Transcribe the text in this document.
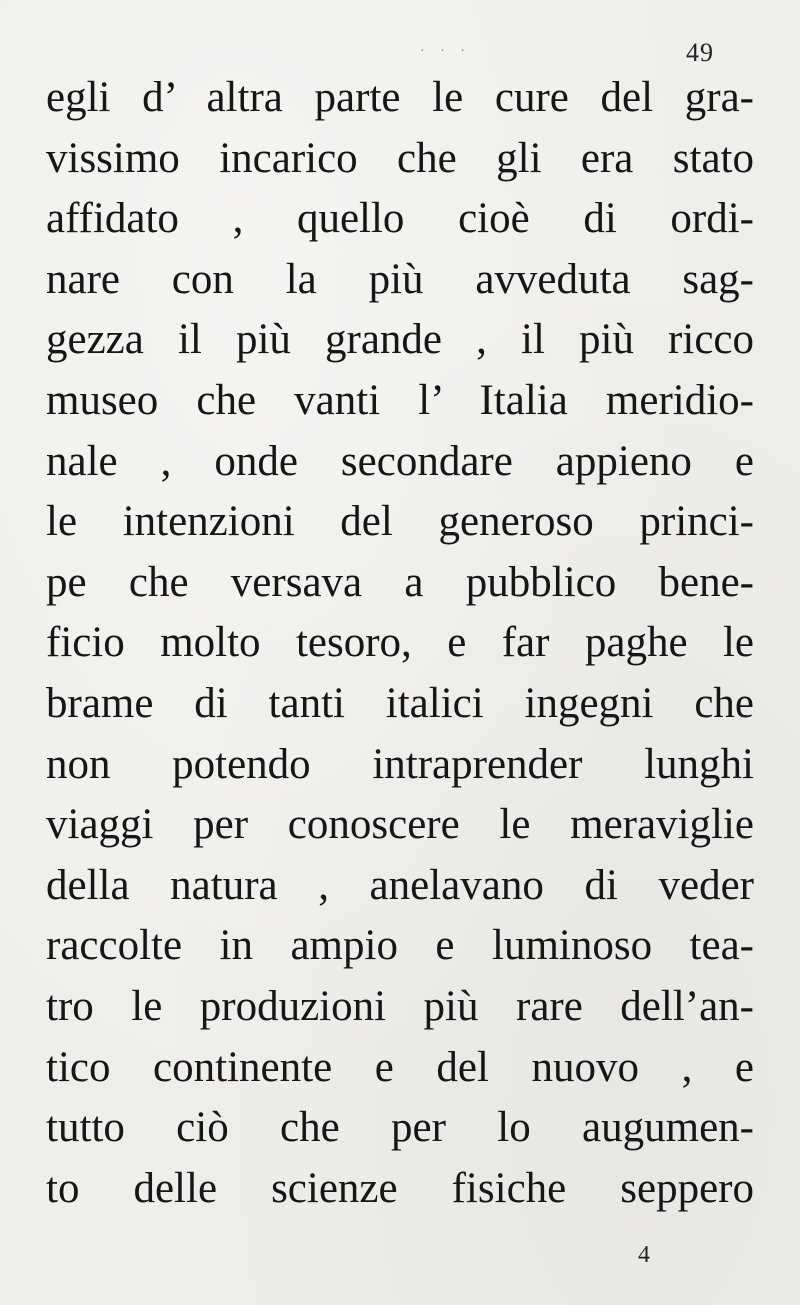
· · ·	49
egli d’ altra parte le cure del gra-
vissimo incarico che gli era stato
affidato , quello cioè di ordi-
nare con la più avveduta sag-
gezza il più grande , il più ricco
museo che vanti l’ Italia meridio-
nale , onde secondare appieno e
le intenzioni del generoso princi-
pe che versava a pubblico bene-
ficio molto tesoro, e far paghe le
brame di tanti italici ingegni che
non potendo intraprender lunghi
viaggi per conoscere le meraviglie
della natura , anelavano di veder
raccolte in ampio e luminoso tea-
tro le produzioni più rare dell’an-
tico continente e del nuovo , e
tutto ciò che per lo augumen-
to delle scienze fisiche seppero
4
